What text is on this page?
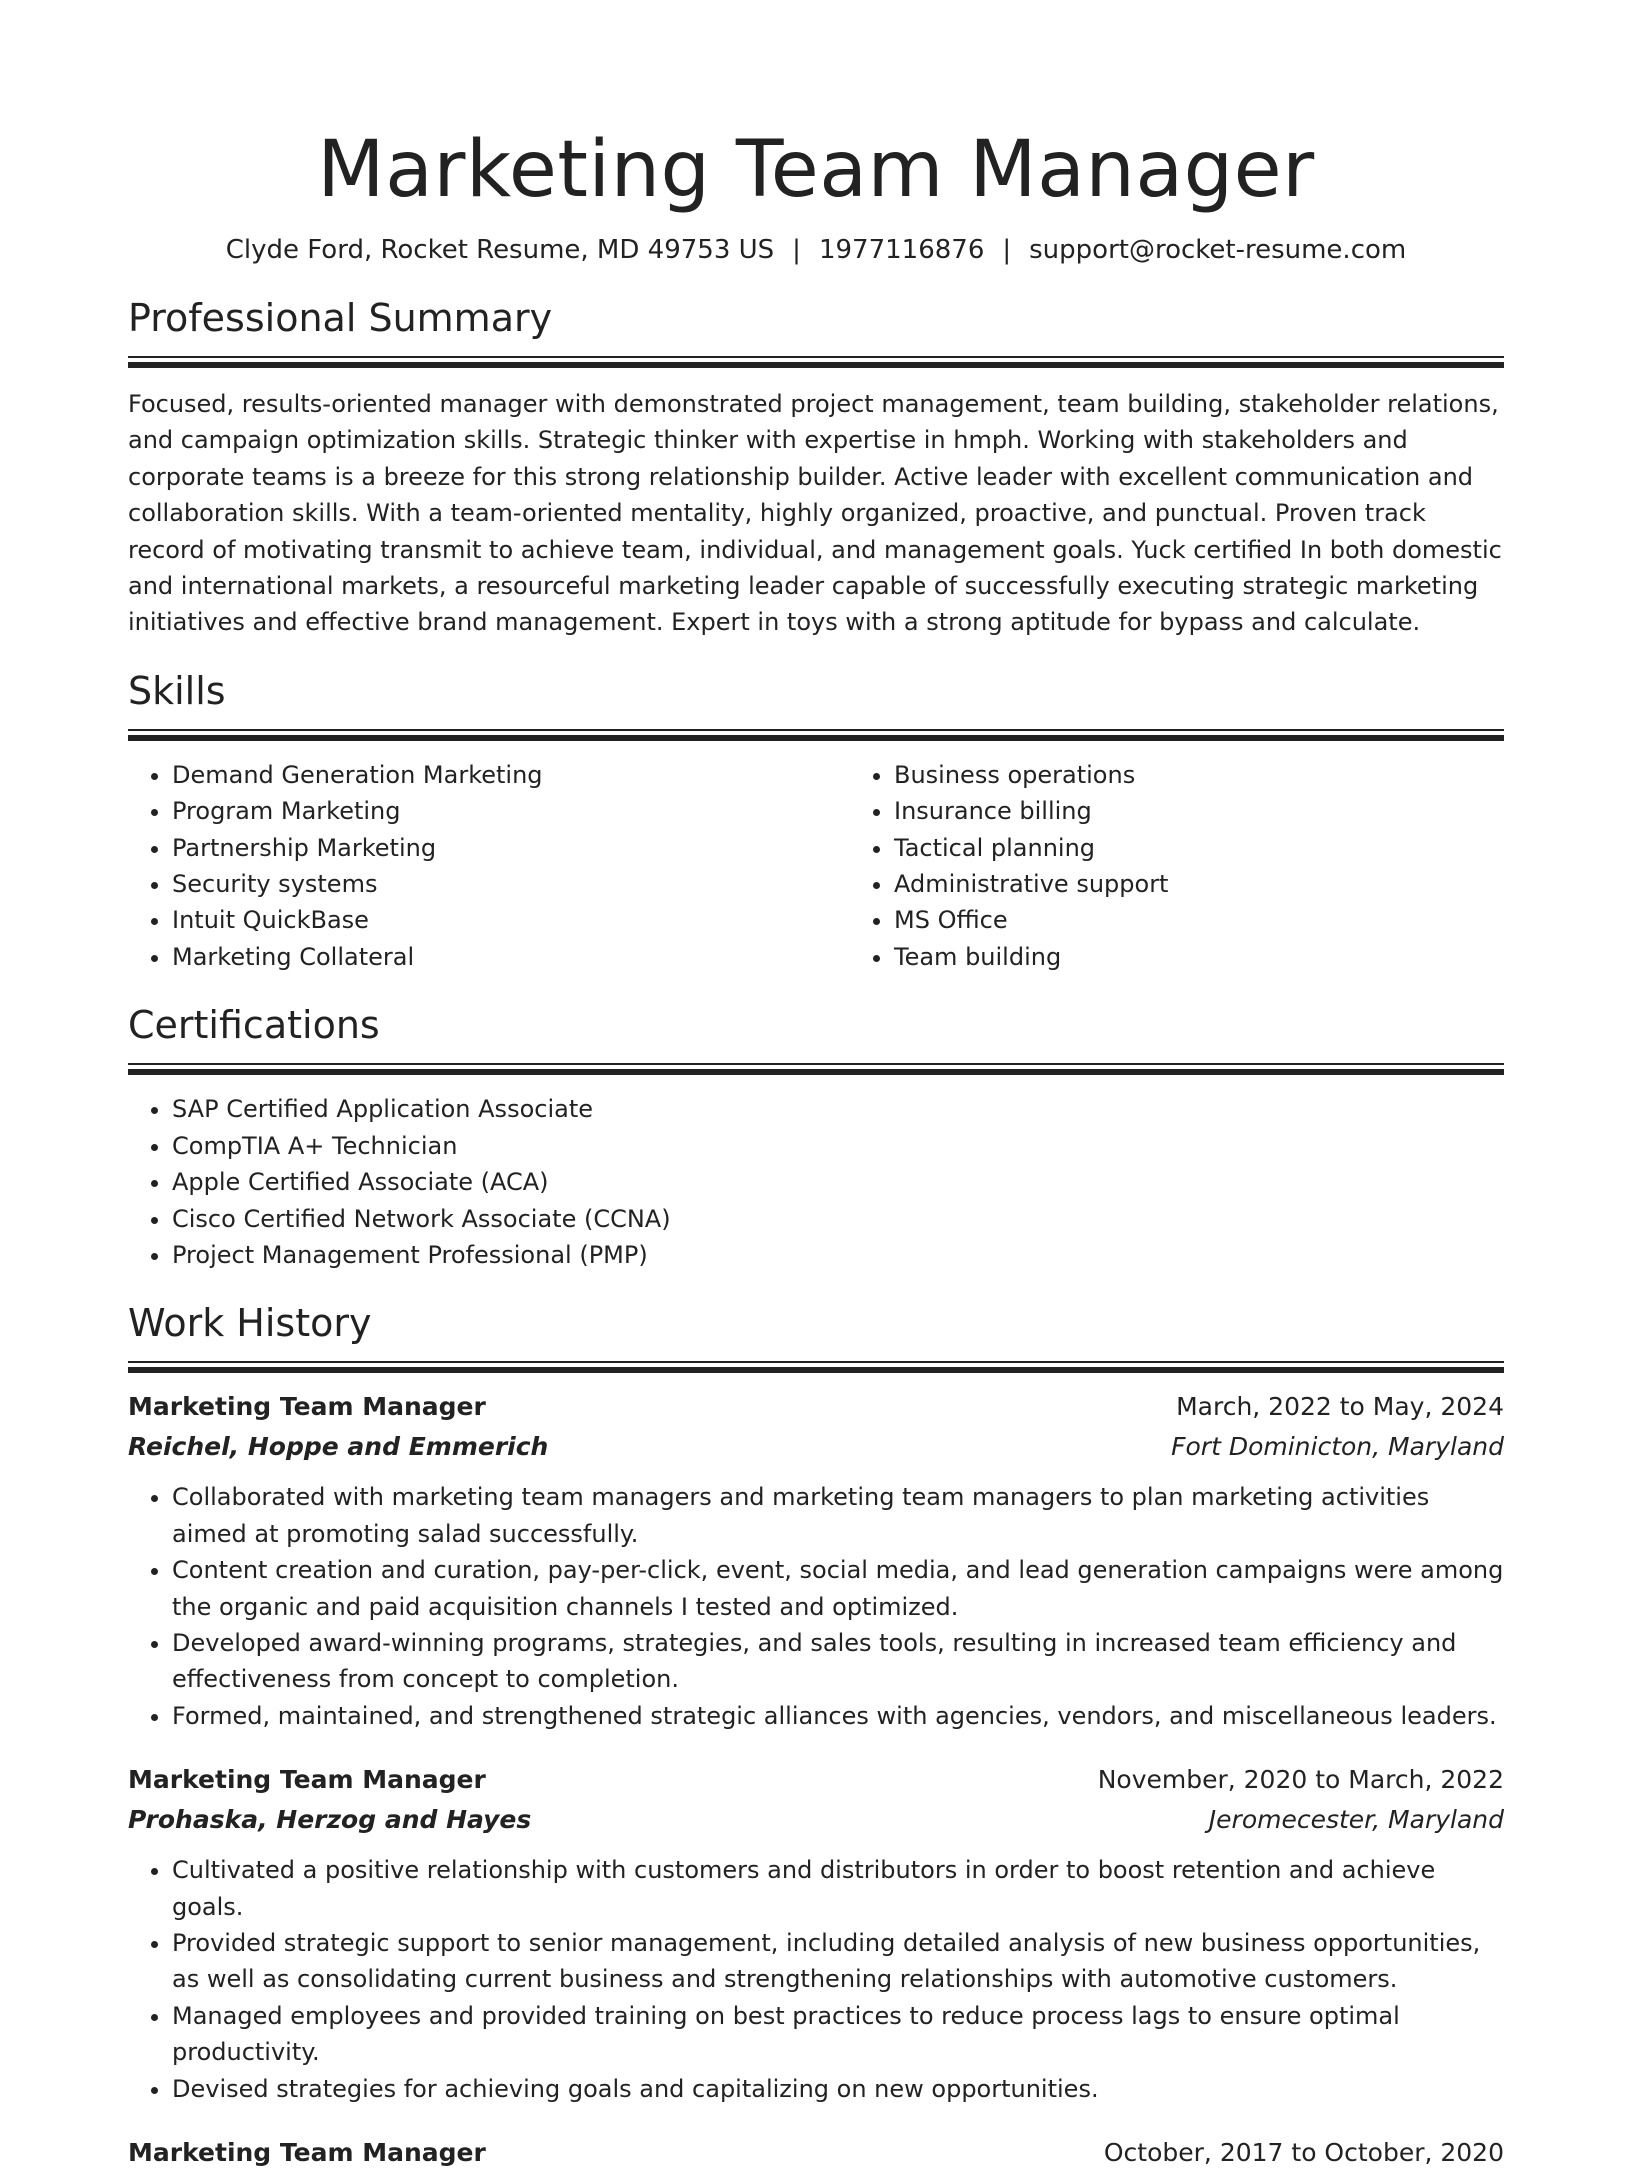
Marketing Team Manager
Clyde Ford, Rocket Resume, MD 49753 US | 1977116876 | support@rocket-resume.com
Professional Summary

Focused, results-oriented manager with demonstrated project management, team building, stakeholder relations, and campaign optimization skills. Strategic thinker with expertise in hmph. Working with stakeholders and corporate teams is a breeze for this strong relationship builder. Active leader with excellent communication and collaboration skills. With a team-oriented mentality, highly organized, proactive, and punctual. Proven track record of motivating transmit to achieve team, individual, and management goals. Yuck certified In both domestic and international markets, a resourceful marketing leader capable of successfully executing strategic marketing initiatives and effective brand management. Expert in toys with a strong aptitude for bypass and calculate.

Skills
• Demand Generation Marketing
• Program Marketing
• Partnership Marketing
• Security systems
• Intuit QuickBase
• Marketing Collateral
• Business operations
• Insurance billing
• Tactical planning
• Administrative support
• MS Office
• Team building
Certifications
• SAP Certified Application Associate
• CompTIA A+ Technician
• Apple Certified Associate (ACA)
• Cisco Certified Network Associate (CCNA)
• Project Management Professional (PMP)
Work History
Marketing Team Manager	March, 2022 to May, 2024
Reichel, Hoppe and Emmerich	Fort Dominicton, Maryland
• Collaborated with marketing team managers and marketing team managers to plan marketing activities aimed at promoting salad successfully.
• Content creation and curation, pay-per-click, event, social media, and lead generation campaigns were among the organic and paid acquisition channels I tested and optimized.
• Developed award-winning programs, strategies, and sales tools, resulting in increased team efficiency and effectiveness from concept to completion.
• Formed, maintained, and strengthened strategic alliances with agencies, vendors, and miscellaneous leaders.
Marketing Team Manager	November, 2020 to March, 2022
Prohaska, Herzog and Hayes	Jeromecester, Maryland
• Cultivated a positive relationship with customers and distributors in order to boost retention and achieve goals.
• Provided strategic support to senior management, including detailed analysis of new business opportunities, as well as consolidating current business and strengthening relationships with automotive customers.
• Managed employees and provided training on best practices to reduce process lags to ensure optimal productivity.
• Devised strategies for achieving goals and capitalizing on new opportunities.
Marketing Team Manager	October, 2017 to October, 2020
